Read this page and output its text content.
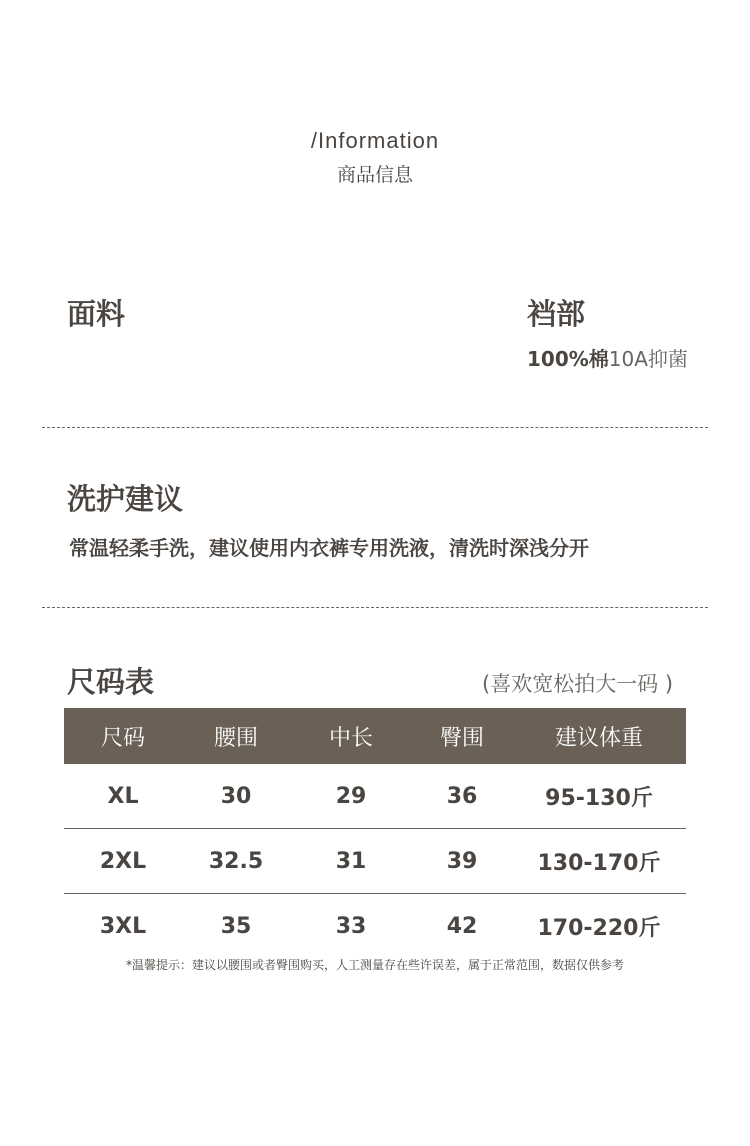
/Information
商品信息
面料	裆部
100%棉10A抑菌
洗护建议
常温轻柔手洗，建议使用内衣裤专用洗液，清洗时深浅分开
尺码表	(喜欢宽松拍大一码 )
尺码	腰围	中长	臀围	建议体重
XL	30	29	36	95-130斤
2XL	32.5	31	39	130-170斤
3XL	35	33	42	170-220斤
*温馨提示：建议以腰围或者臀围购买，人工测量存在些许误差，属于正常范围，数据仅供参考
